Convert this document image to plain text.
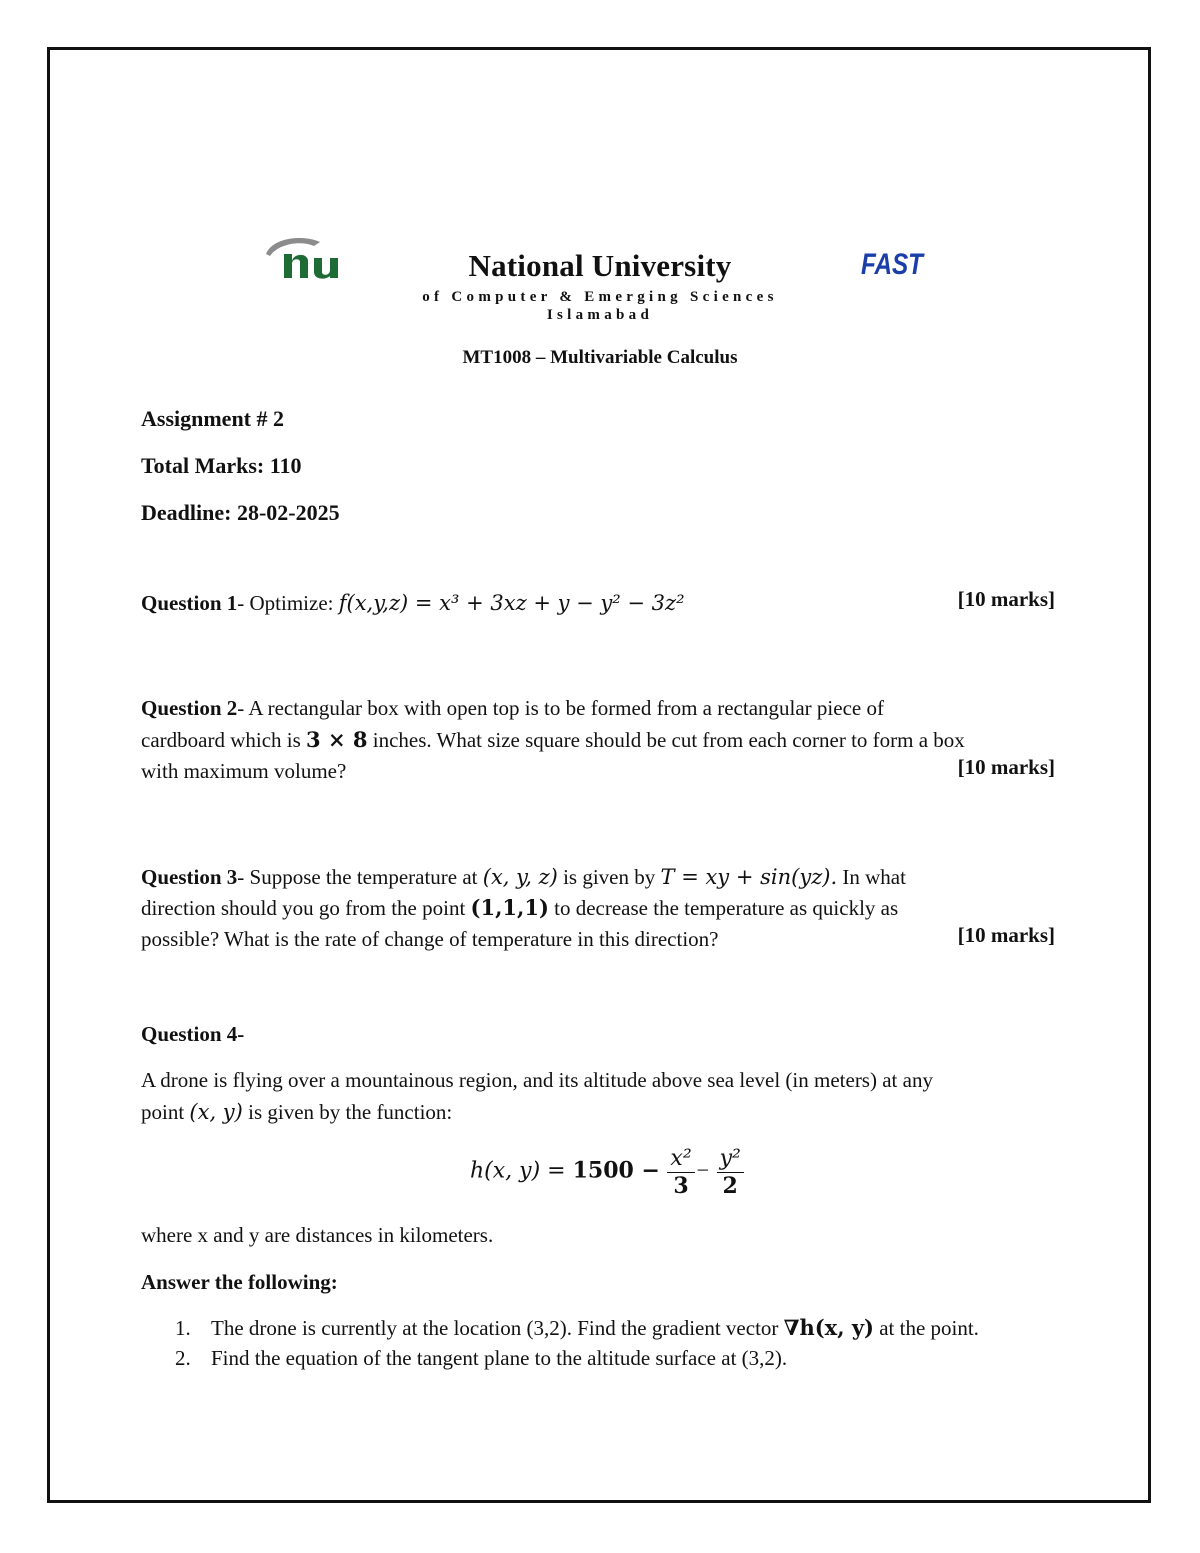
nu
FAST
National University
of Computer & Emerging Sciences
Islamabad
MT1008 – Multivariable Calculus
Assignment # 2
Total Marks: 110
Deadline: 28-02-2025
Question 1- Optimize: f(x,y,z) = x³ + 3xz + y − y² − 3z²	[10 marks]
Question 2- A rectangular box with open top is to be formed from a rectangular piece of
cardboard which is 3 × 8 inches. What size square should be cut from each corner to form a box
with maximum volume?	[10 marks]
Question 3- Suppose the temperature at (x, y, z) is given by T = xy + sin(yz). In what
direction should you go from the point (1,1,1) to decrease the temperature as quickly as
possible? What is the rate of change of temperature in this direction?	[10 marks]
Question 4-
A drone is flying over a mountainous region, and its altitude above sea level (in meters) at any
point (x, y) is given by the function:
h(x, $y) = 1500 - \frac{\text{x²}}{3} - \frac{\text{y²}}{2}$
where x and y are distances in kilometers.
Answer the following:
1. The drone is currently at the location (3,2). Find the gradient vector ∇h(x, y) at the point.
2. Find the equation of the tangent plane to the altitude surface at (3,2).
